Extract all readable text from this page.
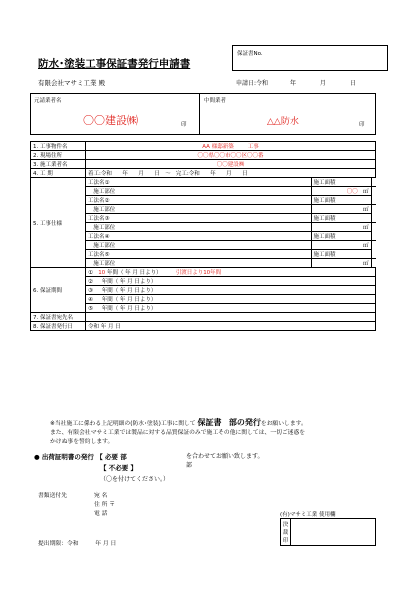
防水･塗装工事保証書発行申請書
保証書No.
有限会社マサミ工業 殿	申請日:令和	年	月	日
元請業者名
〇〇建設㈱	印
中間業者
△△防水	印
1. 工事物件名	AA 様邸新築 工事		
2. 現場住所	〇〇県〇〇市〇〇区〇〇番		
3. 施工業者名	〇〇建設㈱		
4. 工 期	着工:令和      年      月      日   〜 完工:令和      年      月      日		
5. 工事仕様	工法名①	施工面積	
	施工部位	〇〇 ㎡	
	工法名②	施工面積	
	施工部位	㎡	
	工法名③	施工面積	
	施工部位	㎡	
	工法名④	施工面積	
	施工部位	㎡	
	工法名⑤	施工面積	
	施工部位	㎡	
6. 保証期間	① 10 年間（ 年 月 日より） 引渡日より10年間		
	② 年間（ 年 月 日より）		
	③ 年間（ 年 月 日より）		
	④ 年間（ 年 月 日より）		
	⑤ 年間（ 年 月 日より）		
7. 保証書宛先名			
8. 保証書発行日	令和 年 月 日		
※当社施工に係わる上記明細の(防水･塗装)工事に関して 保証書 部の発行をお願いします。
また、有限会社マサミ工業では製品に対する品質保証のみで施工その他に関しては、一切ご迷惑を
かけぬ事を誓約します。
● 出荷証明書の発行 【 必要 部
【 不必要 】
（〇を付けてください。）
を合わせてお願い致します。
部
書類送付先	宛 名
住 所 〒
電 話	(有)マサミ工業 使用欄
決裁印
提出期限：令和	年 月 日
